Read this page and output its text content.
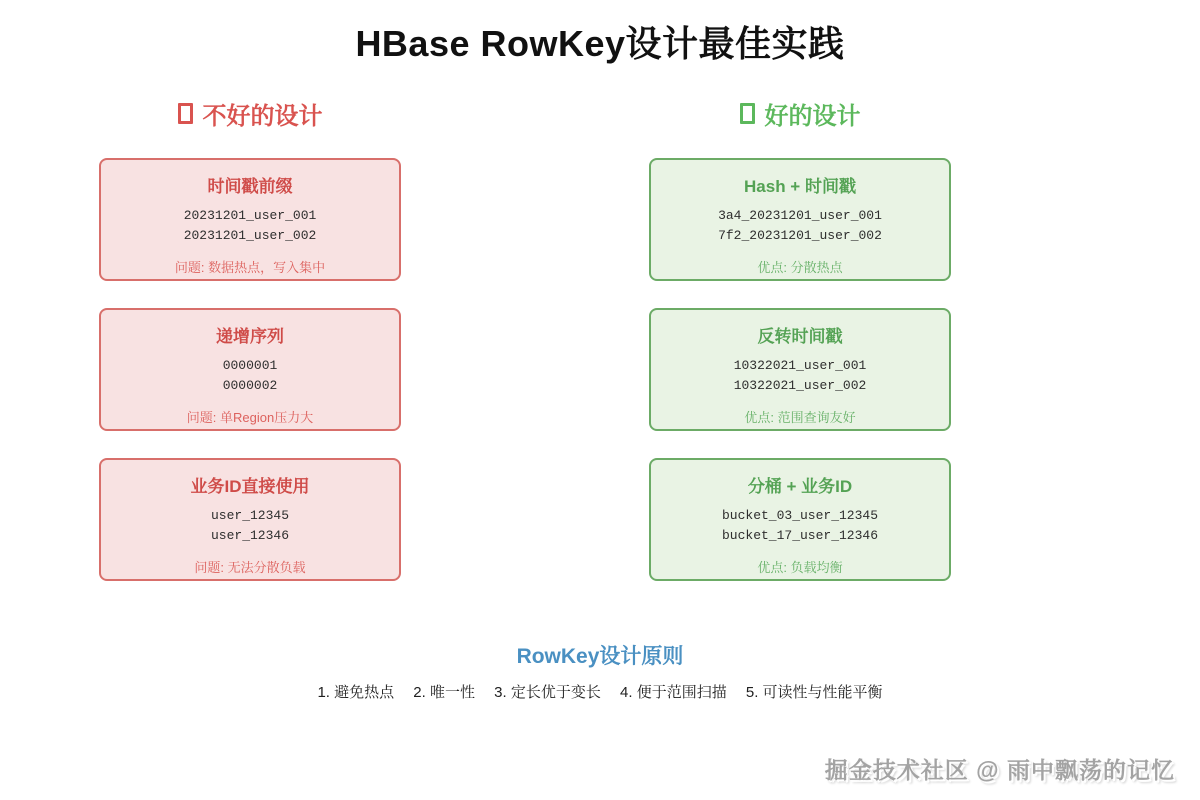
HBase RowKey设计最佳实践
不好的设计	好的设计
时间戳前缀
20231201_user_001
20231201_user_002
问题: 数据热点，写入集中
递增序列
0000001
0000002
问题: 单Region压力大
业务ID直接使用
user_12345
user_12346
问题: 无法分散负载
Hash + 时间戳
3a4_20231201_user_001
7f2_20231201_user_002
优点: 分散热点
反转时间戳
10322021_user_001
10322021_user_002
优点: 范围查询友好
分桶 + 业务ID
bucket_03_user_12345
bucket_17_user_12346
优点: 负载均衡
RowKey设计原则
1. 避免热点 2. 唯一性 3. 定长优于变长 4. 便于范围扫描 5. 可读性与性能平衡
掘金技术社区 @ 雨中飘荡的记忆
